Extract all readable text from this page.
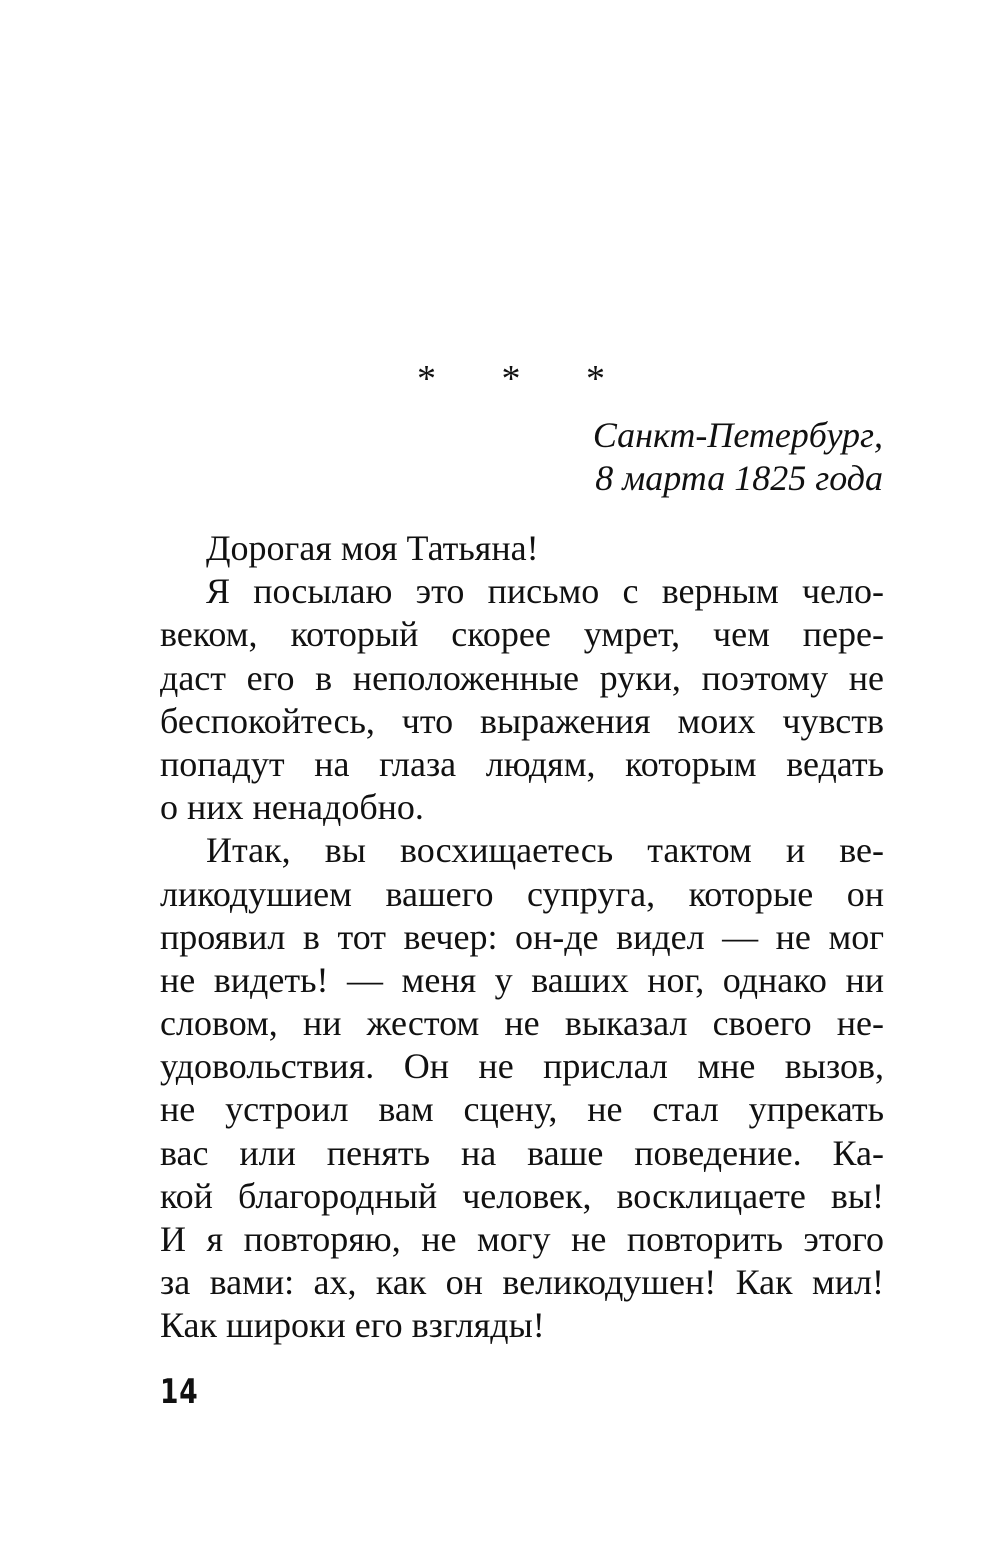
* * *
Санкт-Петербург,
8 марта 1825 года
Дорогая моя Татьяна!
Я посылаю это письмо с верным чело-
веком, который скорее умрет, чем пере-
даст его в неположенные руки, поэтому не
беспокойтесь, что выражения моих чувств
попадут на глаза людям, которым ведать
о них ненадобно.
Итак, вы восхищаетесь тактом и ве-
ликодушием вашего супруга, которые он
проявил в тот вечер: он-де видел — не мог
не видеть! — меня у ваших ног, однако ни
словом, ни жестом не выказал своего не-
удовольствия. Он не прислал мне вызов,
не устроил вам сцену, не стал упрекать
вас или пенять на ваше поведение. Ка-
кой благородный человек, восклицаете вы!
И я повторяю, не могу не повторить этого
за вами: ах, как он великодушен! Как мил!
Как широки его взгляды!
14
